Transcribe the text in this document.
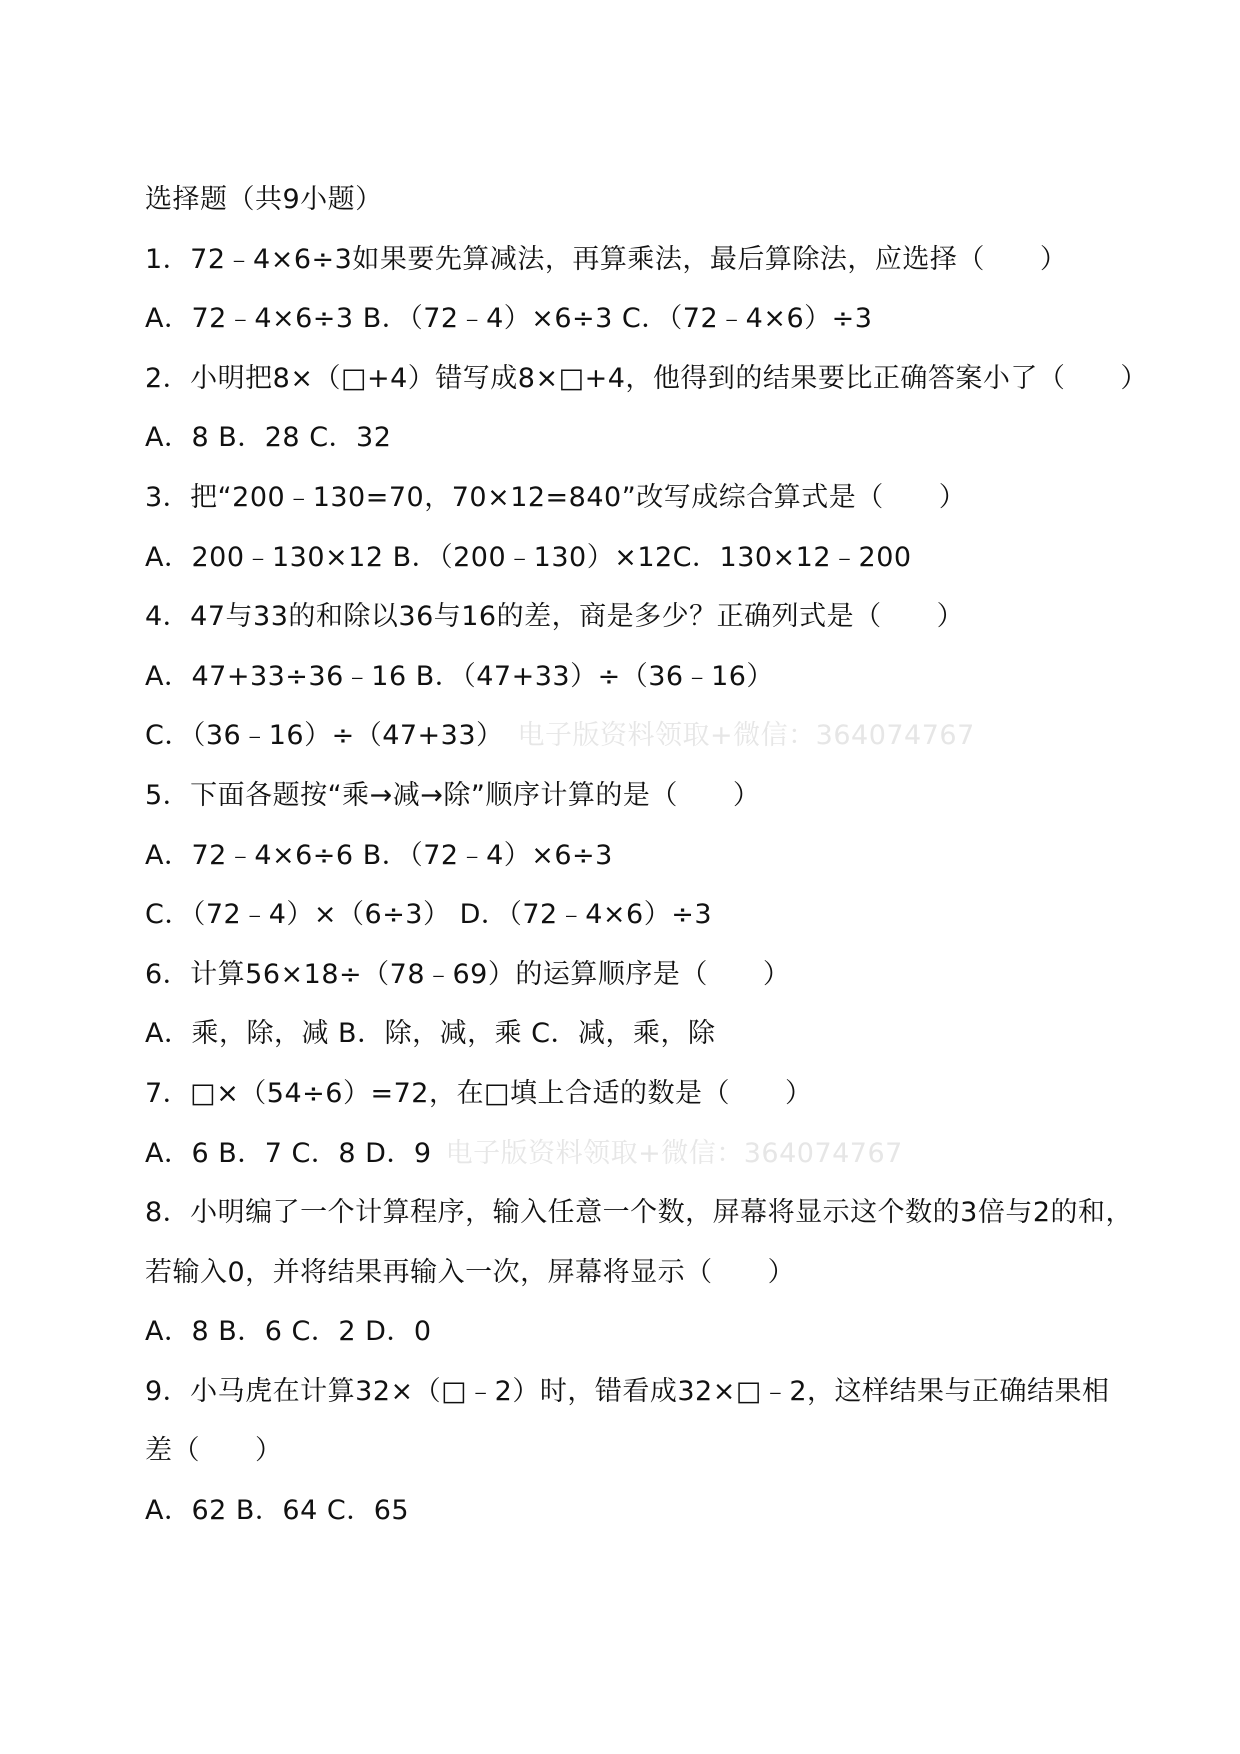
选择题（共9小题）
1．72﹣4×6÷3如果要先算减法，再算乘法，最后算除法，应选择（　　）
A．72﹣4×6÷3 B．（72﹣4）×6÷3 C．（72﹣4×6）÷3
2．小明把8×（□+4）错写成8×□+4，他得到的结果要比正确答案小了（　　）
A．8 B．28 C．32
3．把“200﹣130=70，70×12=840”改写成综合算式是（　　）
A．200﹣130×12 B．（200﹣130）×12C．130×12﹣200
4．47与33的和除以36与16的差，商是多少？正确列式是（　　）
A．47+33÷36﹣16 B．（47+33）÷（36﹣16）
C．（36﹣16）÷（47+33） 电子版资料领取+微信：364074767
5．下面各题按“乘→减→除”顺序计算的是（　　）
A．72﹣4×6÷6 B．（72﹣4）×6÷3
C．（72﹣4）×（6÷3） D．（72﹣4×6）÷3
6．计算56×18÷（78﹣69）的运算顺序是（　　）
A．乘，除，减 B．除，减，乘 C．减，乘，除
7．□×（54÷6）=72，在□填上合适的数是（　　）
A．6 B．7 C．8 D．9 电子版资料领取+微信：364074767
8．小明编了一个计算程序，输入任意一个数，屏幕将显示这个数的3倍与2的和，
若输入0，并将结果再输入一次，屏幕将显示（　　）
A．8 B．6 C．2 D．0
9．小马虎在计算32×（□﹣2）时，错看成32×□﹣2，这样结果与正确结果相
差（　　）
A．62 B．64 C．65
